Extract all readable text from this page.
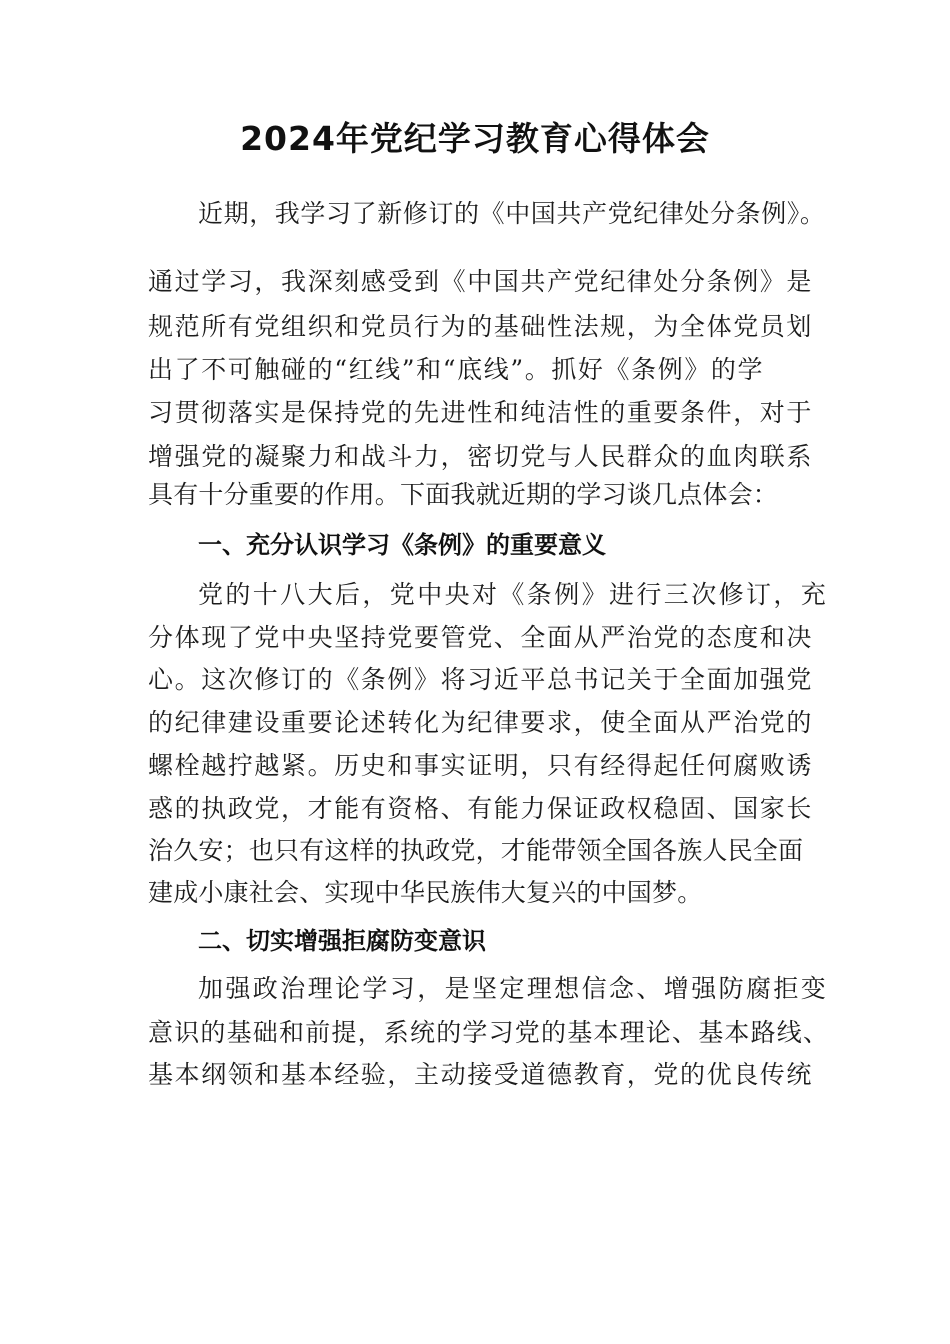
2024年党纪学习教育心得体会
近期，我学习了新修订的《中国共产党纪律处分条例》。
通过学习，我深刻感受到《中国共产党纪律处分条例》是
规范所有党组织和党员行为的基础性法规，为全体党员划
出了不可触碰的“红线”和“底线”。抓好《条例》的学
习贯彻落实是保持党的先进性和纯洁性的重要条件，对于
增强党的凝聚力和战斗力，密切党与人民群众的血肉联系
具有十分重要的作用。下面我就近期的学习谈几点体会：
一、充分认识学习《条例》的重要意义
党的十八大后，党中央对《条例》进行三次修订，充
分体现了党中央坚持党要管党、全面从严治党的态度和决
心。这次修订的《条例》将习近平总书记关于全面加强党
的纪律建设重要论述转化为纪律要求，使全面从严治党的
螺栓越拧越紧。历史和事实证明，只有经得起任何腐败诱
惑的执政党，才能有资格、有能力保证政权稳固、国家长
治久安；也只有这样的执政党，才能带领全国各族人民全面
建成小康社会、实现中华民族伟大复兴的中国梦。
二、切实增强拒腐防变意识
加强政治理论学习，是坚定理想信念、增强防腐拒变
意识的基础和前提，系统的学习党的基本理论、基本路线、
基本纲领和基本经验，主动接受道德教育，党的优良传统
